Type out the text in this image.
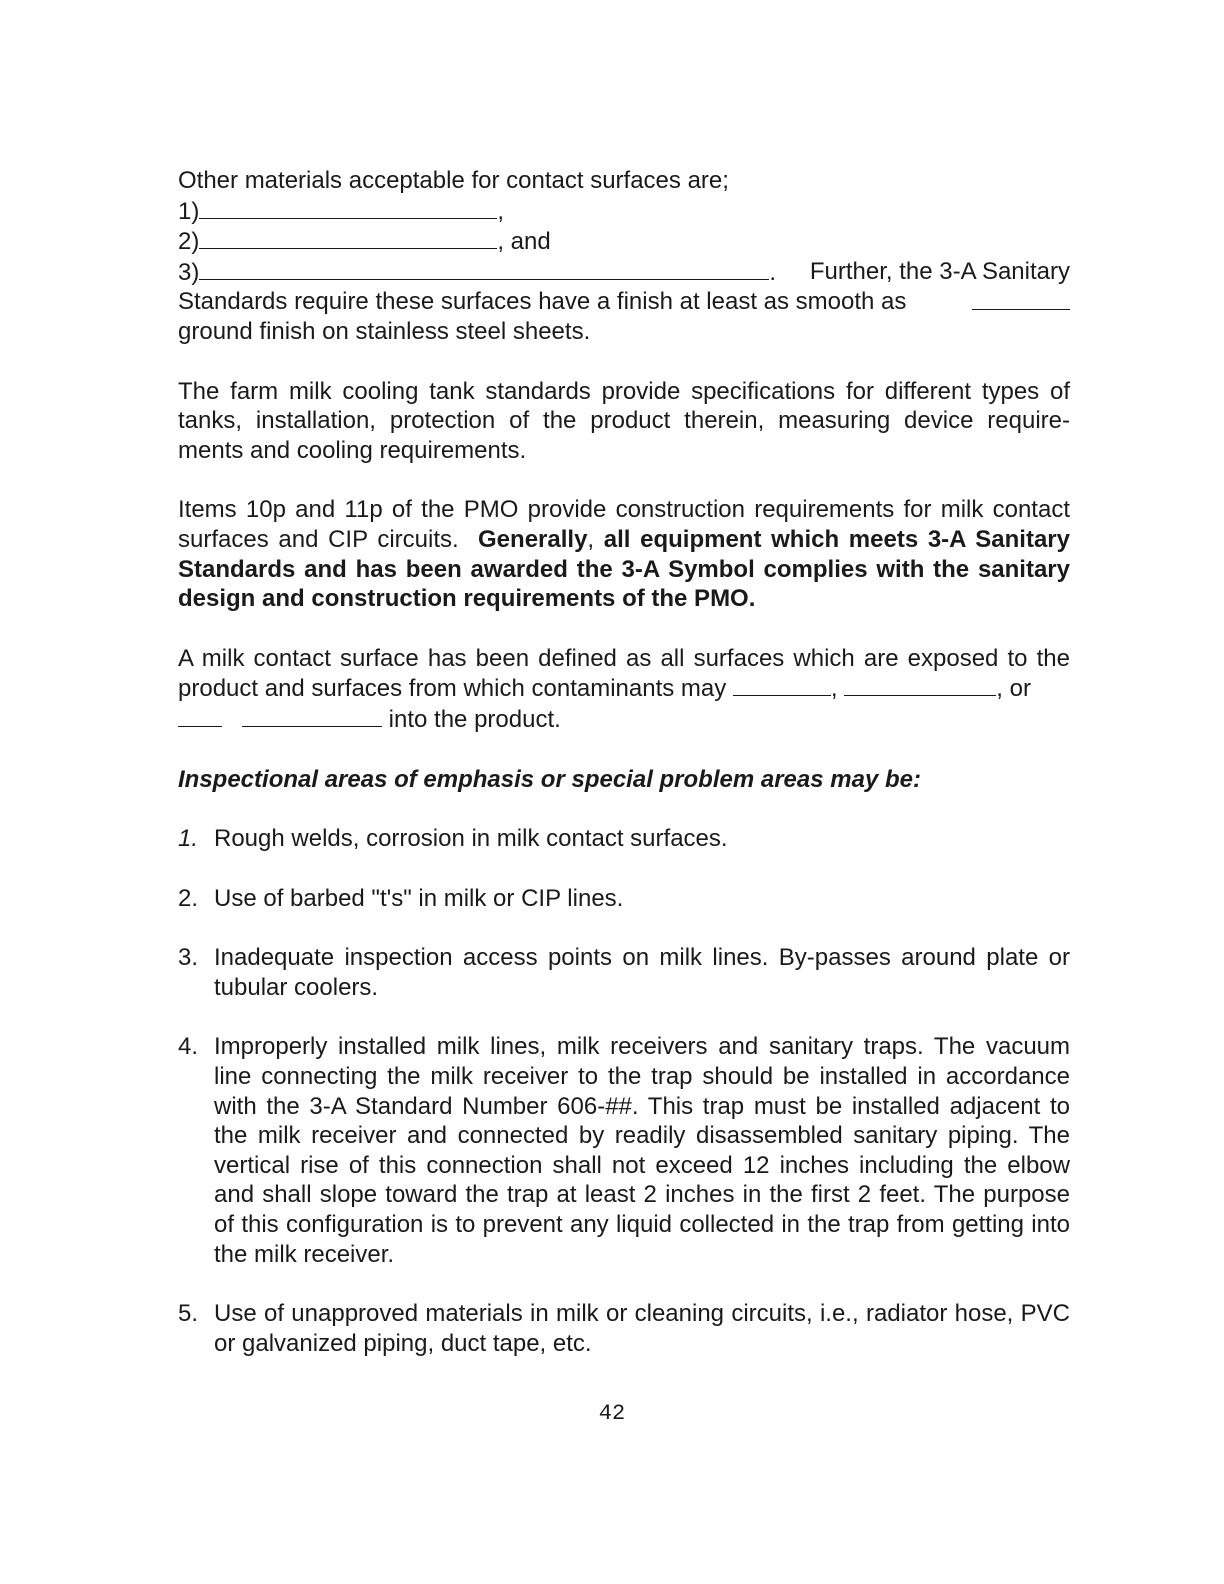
Other materials acceptable for contact surfaces are;

1)	,

2)	, and

3)	. Further, the 3-A Sanitary

Standards require these surfaces have a finish at least as smooth as

ground finish on stainless steel sheets.

The farm milk cooling tank standards provide specifications for different types of tanks, installation, protection of the product therein, measuring device require-ments and cooling requirements.

Items 10p and 11p of the PMO provide construction requirements for milk contact surfaces and CIP circuits. Generally, all equipment which meets 3-A Sanitary Standards and has been awarded the 3-A Symbol complies with the sanitary design and construction requirements of the PMO.

A milk contact surface has been defined as all surfaces which are exposed to the product and surfaces from which contaminants may	,	, or

into the product.

Inspectional areas of emphasis or special problem areas may be:

1. Rough welds, corrosion in milk contact surfaces.
2. Use of barbed "t's" in milk or CIP lines.
3. Inadequate inspection access points on milk lines. By-passes around plate or tubular coolers.
4. Improperly installed milk lines, milk receivers and sanitary traps. The vacuum line connecting the milk receiver to the trap should be installed in accordance with the 3-A Standard Number 606-##. This trap must be installed adjacent to the milk receiver and connected by readily disassembled sanitary piping. The vertical rise of this connection shall not exceed 12 inches including the elbow and shall slope toward the trap at least 2 inches in the first 2 feet. The purpose of this configuration is to prevent any liquid collected in the trap from getting into the milk receiver.
5. Use of unapproved materials in milk or cleaning circuits, i.e., radiator hose, PVC or galvanized piping, duct tape, etc.
42
